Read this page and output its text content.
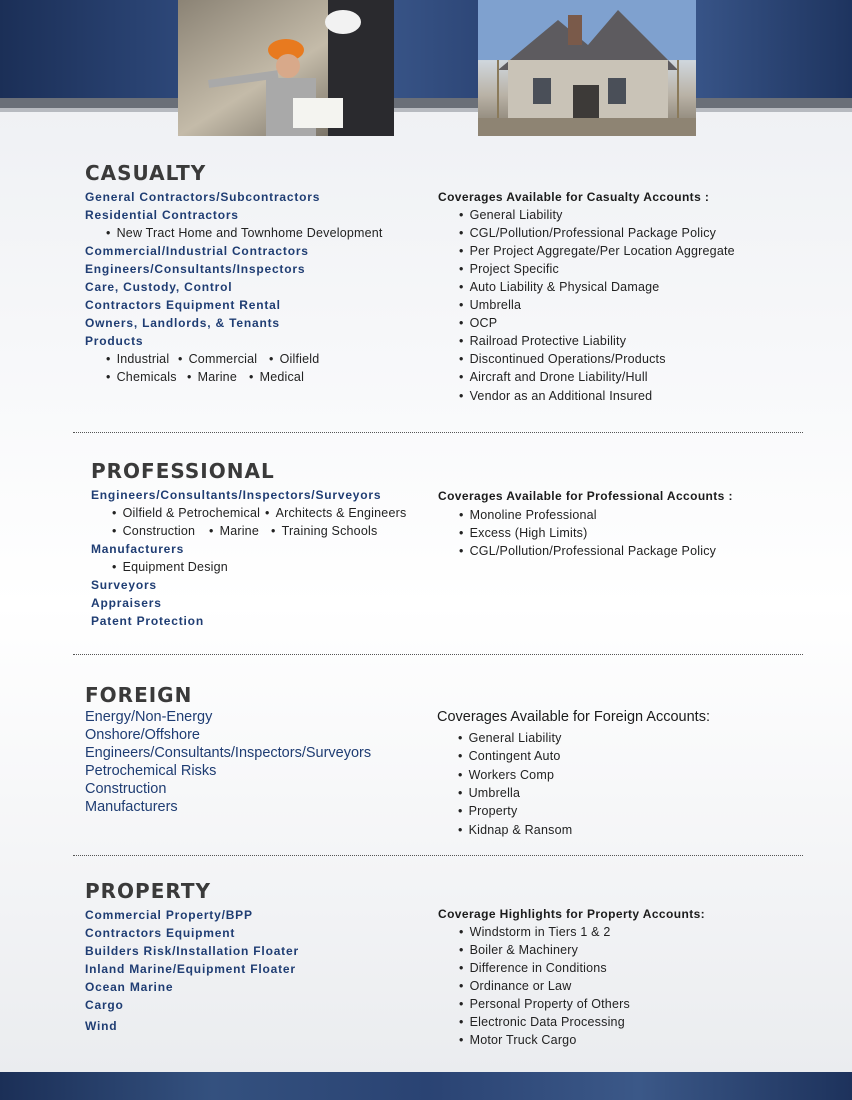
CASUALTY
General Contractors/Subcontractors
Residential Contractors
• New Tract Home and Townhome Development
Commercial/Industrial Contractors
Engineers/Consultants/Inspectors
Care, Custody, Control
Contractors Equipment Rental
Owners, Landlords, & Tenants
Products
• Industrial	• Commercial	• Oilfield
• Chemicals	• Marine	• Medical
Coverages Available for Casualty Accounts :
• General Liability
• CGL/Pollution/Professional Package Policy
• Per Project Aggregate/Per Location Aggregate
• Project Specific
• Auto Liability & Physical Damage
• Umbrella
• OCP
• Railroad Protective Liability
• Discontinued Operations/Products
• Aircraft and Drone Liability/Hull
• Vendor as an Additional Insured
PROFESSIONAL
Engineers/Consultants/Inspectors/Surveyors
• Oilfield & Petrochemical	• Architects & Engineers
• Construction	• Marine	• Training Schools
Manufacturers
• Equipment Design
Surveyors
Appraisers
Patent Protection
Coverages Available for Professional Accounts :
• Monoline Professional
• Excess (High Limits)
• CGL/Pollution/Professional Package Policy
FOREIGN
Energy/Non-Energy
Onshore/Offshore
Engineers/Consultants/Inspectors/Surveyors
Petrochemical Risks
Construction
Manufacturers
Coverages Available for Foreign Accounts:
• General Liability
• Contingent Auto
• Workers Comp
• Umbrella
• Property
• Kidnap & Ransom
PROPERTY
Commercial Property/BPP
Contractors Equipment
Builders Risk/Installation Floater
Inland Marine/Equipment Floater
Ocean Marine
Cargo
Wind
Coverage Highlights for Property Accounts:
• Windstorm in Tiers 1 & 2
• Boiler & Machinery
• Difference in Conditions
• Ordinance or Law
• Personal Property of Others
• Electronic Data Processing
• Motor Truck Cargo
